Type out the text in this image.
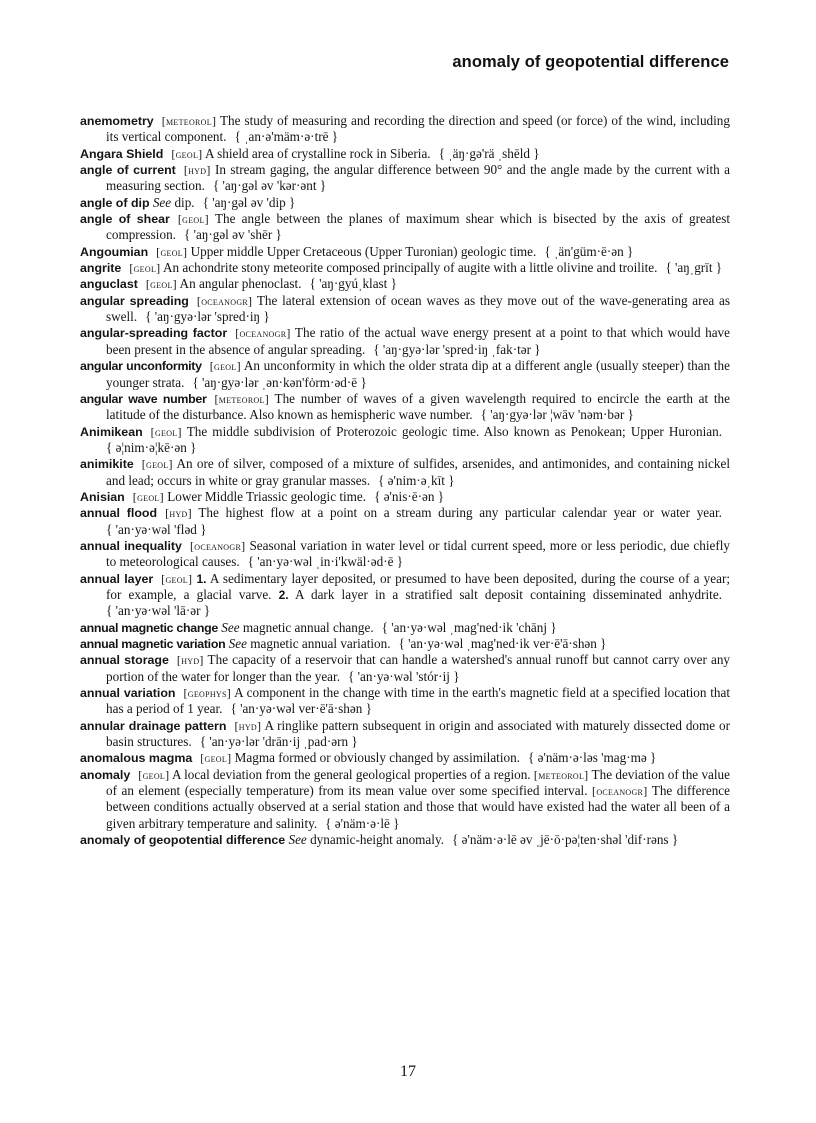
anomaly of geopotential difference

anemometry [meteorol] The study of measuring and recording the direction and speed (or force) of the wind, including its vertical component. { ˌan·ə'mäm·ə·trē }

Angara Shield [geol] A shield area of crystalline rock in Siberia. { ˌäŋ·gə'rä ˌshēld }

angle of current [hyd] In stream gaging, the angular difference between 90° and the angle made by the current with a measuring section. { 'aŋ·gəl əv 'kər·ənt }

angle of dip See dip. { 'aŋ·gəl əv 'dip }

angle of shear [geol] The angle between the planes of maximum shear which is bisected by the axis of greatest compression. { 'aŋ·gəl əv 'shēr }

Angoumian [geol] Upper middle Upper Cretaceous (Upper Turonian) geologic time. { ˌän'güm·ē·ən }

angrite [geol] An achondrite stony meteorite composed principally of augite with a little olivine and troilite. { 'aŋˌgrīt }

anguclast [geol] An angular phenoclast. { 'aŋ·gyúˌklast }

angular spreading [oceanogr] The lateral extension of ocean waves as they move out of the wave-generating area as swell. { 'aŋ·gyə·lər 'spred·iŋ }

angular-spreading factor [oceanogr] The ratio of the actual wave energy present at a point to that which would have been present in the absence of angular spreading. { 'aŋ·gyə·lər 'spred·iŋ ˌfak·tər }

angular unconformity [geol] An unconformity in which the older strata dip at a different angle (usually steeper) than the younger strata. { 'aŋ·gyə·lər ˌən·kən'fȯrm·əd·ē }

angular wave number [meteorol] The number of waves of a given wavelength required to encircle the earth at the latitude of the disturbance. Also known as hemispheric wave number. { 'aŋ·gyə·lər ¦wāv 'nəm·bər }

Animikean [geol] The middle subdivision of Proterozoic geologic time. Also known as Penokean; Upper Huronian.{ ə¦nim·ə¦kē·ən }

animikite [geol] An ore of silver, composed of a mixture of sulfides, arsenides, and antimonides, and containing nickel and lead; occurs in white or gray granular masses. { ə'nim·əˌkīt }

Anisian [geol] Lower Middle Triassic geologic time. { ə'nis·ē·ən }

annual flood [hyd] The highest flow at a point on a stream during any particular calendar year or water year.{ 'an·yə·wəl 'fləd }

annual inequality [oceanogr] Seasonal variation in water level or tidal current speed, more or less periodic, due chiefly to meteorological causes. { 'an·yə·wəl ˌin·i'kwäl·əd·ē }

annual layer [geol] 1. A sedimentary layer deposited, or presumed to have been deposited, during the course of a year; for example, a glacial varve. 2. A dark layer in a stratified salt deposit containing disseminated anhydrite.{ 'an·yə·wəl 'lā·ər }

annual magnetic change See magnetic annual change. { 'an·yə·wəl ˌmag'ned·ik 'chānj }

annual magnetic variation See magnetic annual variation. { 'an·yə·wəl ˌmag'ned·ik ver·ē'ā·shən }

annual storage [hyd] The capacity of a reservoir that can handle a watershed's annual runoff but cannot carry over any portion of the water for longer than the year. { 'an·yə·wəl 'stór·ij }

annual variation [geophys] A component in the change with time in the earth's magnetic field at a specified location that has a period of 1 year. { 'an·yə·wəl ver·ē'ā·shən }

annular drainage pattern [hyd] A ringlike pattern subsequent in origin and associated with maturely dissected dome or basin structures. { 'an·yə·lər 'drān·ij ˌpad·ərn }

anomalous magma [geol] Magma formed or obviously changed by assimilation. { ə'näm·ə·ləs 'mag·mə }

anomaly [geol] A local deviation from the general geological properties of a region. [meteorol] The deviation of the value of an element (especially temperature) from its mean value over some specified interval. [oceanogr] The difference between conditions actually observed at a serial station and those that would have existed had the water all been of a given arbitrary temperature and salinity. { ə'näm·ə·lē }

anomaly of geopotential difference See dynamic-height anomaly. { ə'näm·ə·lē əv ˌjē·ō·pə¦ten·shəl 'dif·rəns }

17
